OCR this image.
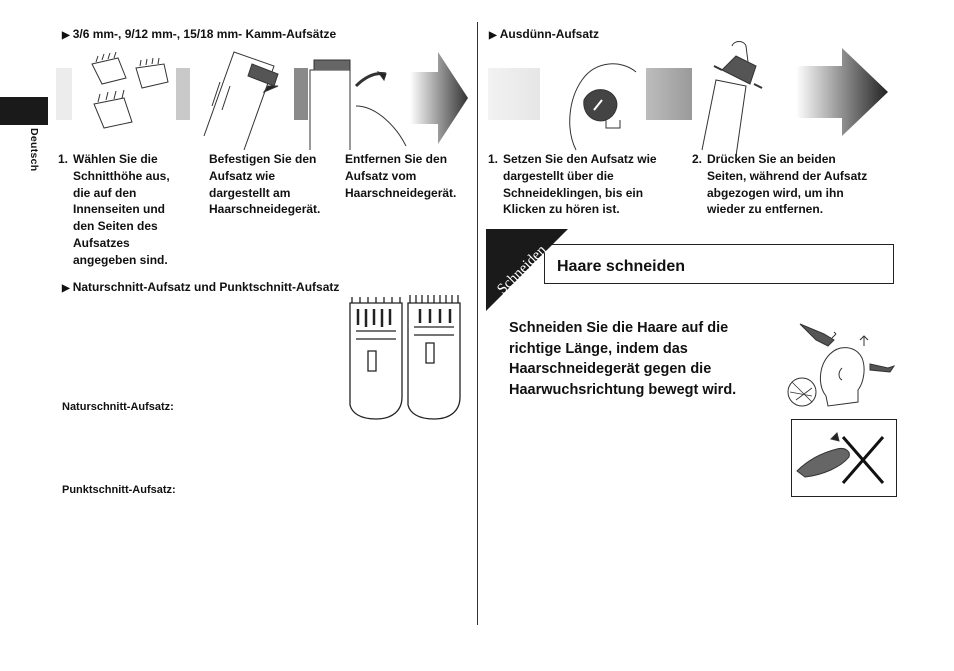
Deutsch
▶ 3/6 mm-, 9/12 mm-, 15/18 mm- Kamm-Aufsätze
1. Wählen Sie die
Schnitthöhe aus,
die auf den
Innenseiten und
den Seiten des
Aufsatzes
angegeben sind.
Befestigen Sie den
Aufsatz wie
dargestellt am
Haarschneidegerät.
Entfernen Sie den
Aufsatz vom
Haarschneidegerät.
▶ Naturschnitt-Aufsatz und Punktschnitt-Aufsatz
Naturschnitt-Aufsatz:
Punktschnitt-Aufsatz:
▶ Ausdünn-Aufsatz
1. Setzen Sie den Aufsatz wie
dargestellt über die
Schneideklingen, bis ein
Klicken zu hören ist.
2. Drücken Sie an beiden
Seiten, während der Aufsatz
abgezogen wird, um ihn
wieder zu entfernen.
Schneiden Haare schneiden
Schneiden Sie die Haare auf die
richtige Länge, indem das
Haarschneidegerät gegen die
Haarwuchsrichtung bewegt wird.
